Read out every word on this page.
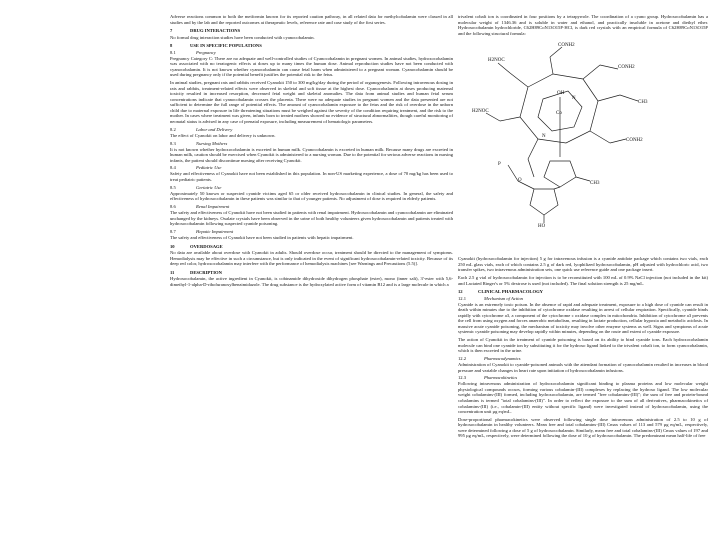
Adverse reactions common to both the metformin known for its reported caution pathway, in all related data for methylcobalamin were classed in all studies and by the lab and the reported outcomes at therapeutic levels, reference rate and case study of the first series.

7	DRUG INTERACTIONS

No formal drug interaction studies have been conducted with cyanocobalamin.

8	USE IN SPECIFIC POPULATIONS
8.1	Pregnancy

Pregnancy Category C: There are no adequate and well-controlled studies of Cyanocobalamin in pregnant women. In animal studies, hydroxocobalamin was associated with no teratogenic effects at doses up to many times the human dose. Animal reproduction studies have not been conducted with cyanocobalamin. It is not known whether cyanocobalamin can cause fetal harm when administered to a pregnant woman. Cyanocobalamin should be used during pregnancy only if the potential benefit justifies the potential risk to the fetus.

In animal studies, pregnant rats and rabbits received Cyanokit 150 to 300 mg/kg/day during the period of organogenesis. Following intravenous dosing in rats and rabbits, treatment-related effects were observed in skeletal and soft tissue at the highest dose. Cyanocobalamin at doses producing maternal toxicity resulted in increased resorption, decreased fetal weight and skeletal anomalies. The data from animal studies and human fetal serum concentrations indicate that cyanocobalamin crosses the placenta. There were no adequate studies in pregnant women and the data presented are not sufficient to determine the full range of potential effects. The amount of cyanocobalamin exposure to the fetus and the risk of overdose in the unborn child due to maternal exposure in life threatening situations must be weighed against the severity of the condition requiring treatment, and the risk to the mother. In cases where treatment was given, infants born to treated mothers showed no evidence of structural abnormalities, though careful monitoring of neonatal status is advised in any case of prenatal exposure, including measurement of hematologic parameters.

8.2	Labor and Delivery

The effect of Cyanokit on labor and delivery is unknown.

8.3	Nursing Mothers

It is not known whether hydroxocobalamin is excreted in human milk. Cyanocobalamin is excreted in human milk. Because many drugs are excreted in human milk, caution should be exercised when Cyanokit is administered to a nursing woman. Due to the potential for serious adverse reactions in nursing infants, the patient should discontinue nursing after receiving Cyanokit.

8.4	Pediatric Use

Safety and effectiveness of Cyanokit have not been established in this population. In non-US marketing experience, a dose of 70 mg/kg has been used to treat pediatric patients.

8.5	Geriatric Use

Approximately 50 known or suspected cyanide victims aged 65 or older received hydroxocobalamin in clinical studies. In general, the safety and effectiveness of hydroxocobalamin in these patients was similar to that of younger patients. No adjustment of dose is required in elderly patients.

8.6	Renal Impairment

The safety and effectiveness of Cyanokit have not been studied in patients with renal impairment. Hydroxocobalamin and cyanocobalamin are eliminated unchanged by the kidneys. Oxalate crystals have been observed in the urine of both healthy volunteers given hydroxocobalamin and patients treated with hydroxocobalamin following suspected cyanide poisoning.

8.7	Hepatic Impairment

The safety and effectiveness of Cyanokit have not been studied in patients with hepatic impairment.

10	OVERDOSAGE

No data are available about overdose with Cyanokit in adults. Should overdose occur, treatment should be directed to the management of symptoms. Hemodialysis may be effective in such a circumstance, but is only indicated in the event of significant hydroxocobalamin-related toxicity. Because of its deep red color, hydroxocobalamin may interfere with the performance of hemodialysis machines [see Warnings and Precautions (5.5)].

11	DESCRIPTION

Hydroxocobalamin, the active ingredient in Cyanokit, is cobinamide dihydroxide dihydrogen phosphate (ester), mono (inner salt), 3'-ester with 5,6-dimethyl-1-alpha-D-ribofuranosylbenzimidazole. The drug substance is the hydroxylated active form of vitamin B12 and is a large molecule in which a

trivalent cobalt ion is coordinated in four positions by a tetrapyrrole. The coordination of a cyano group. Hydroxocobalamin has a molecular weight of 1346.36 and is soluble in water and ethanol, and practically insoluble in acetone and diethyl ether. Hydroxocobalamin hydrochloride, C62H89CoN13O15P·HCl, is dark red crystals with an empirical formula of C62H89CoN13O15P and the following structural formula:

Co
OH
H2NOC
CONH2
CONH2
CH3
CONH2
H2NOC
O
P
CH3
HO
N
N

Cyanokit (hydroxocobalamin for injection) 5 g for intravenous infusion is a cyanide antidote package which contains two vials, each 250 mL glass vials, each of which contains 2.5 g of dark red, lyophilized hydroxocobalamin, pH adjusted with hydrochloric acid, two transfer spikes, two intravenous administration sets, one quick use reference guide and one package insert.

Each 2.5 g vial of hydroxocobalamin for injection is to be reconstituted with 100 mL of 0.9% NaCl injection (not included in the kit) and Lactated Ringer's or 5% dextrose is used (not included). The final solution strength is 25 mg/mL.

12	CLINICAL PHARMACOLOGY
12.1	Mechanism of Action

Cyanide is an extremely toxic poison. In the absence of rapid and adequate treatment, exposure to a high dose of cyanide can result in death within minutes due to the inhibition of cytochrome oxidase resulting in arrest of cellular respiration. Specifically, cyanide binds rapidly with cytochrome a3, a component of the cytochrome c oxidase complex in mitochondria. Inhibition of cytochrome a3 prevents the cell from using oxygen and forces anaerobic metabolism, resulting in lactate production, cellular hypoxia and metabolic acidosis. In massive acute cyanide poisoning, the mechanism of toxicity may involve other enzyme systems as well. Signs and symptoms of acute systemic cyanide poisoning may develop rapidly within minutes, depending on the route and extent of cyanide exposure.

The action of Cyanokit in the treatment of cyanide poisoning is based on its ability to bind cyanide ions. Each hydroxocobalamin molecule can bind one cyanide ion by substituting it for the hydroxo ligand linked to the trivalent cobalt ion, to form cyanocobalamin, which is then excreted in the urine.

12.2	Pharmacodynamics

Administration of Cyanokit to cyanide-poisoned animals with the attendant formation of cyanocobalamin resulted in increases in blood pressure and variable changes in heart rate upon initiation of hydroxocobalamin infusions.

12.3	Pharmacokinetics

Following intravenous administration of hydroxocobalamin significant binding to plasma proteins and low molecular weight physiological compounds occurs, forming various cobalamin-(III) complexes by replacing the hydroxo ligand. The low molecular weight cobalamins-(III) formed, including hydroxocobalamin, are termed "free cobalamins-(III)"; the sum of free and protein-bound cobalamins is termed "total cobalamins-(III)". In order to reflect the exposure to the sum of all derivatives, pharmacokinetics of cobalamins-(III) (i.e., cobalamin-(III) entity without specific ligand) were investigated instead of hydroxocobalamin, using the concentration unit µg eq/mL.

Dose-proportional pharmacokinetics were observed following single dose intravenous administration of 2.5 to 10 g of hydroxocobalamin in healthy volunteers. Mean free and total cobalamins-(III) Cmax values of 113 and 579 µg eq/mL, respectively, were determined following a dose of 5 g of hydroxocobalamin. Similarly, mean free and total cobalamins-(III) Cmax values of 197 and 995 µg eq/mL, respectively, were determined following the dose of 10 g of hydroxocobalamin. The predominant mean half-life of free
